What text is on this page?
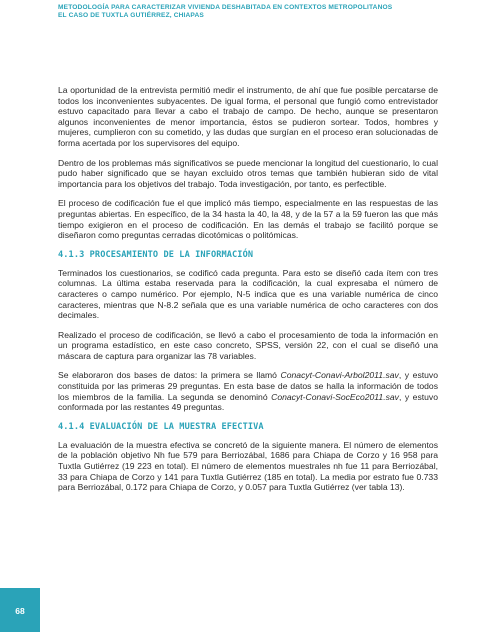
METODOLOGÍA PARA CARACTERIZAR VIVIENDA DESHABITADA EN CONTEXTOS METROPOLITANOS
EL CASO DE TUXTLA GUTIÉRREZ, CHIAPAS

La oportunidad de la entrevista permitió medir el instrumento, de ahí que fue posible percatarse de todos los inconvenientes subyacentes. De igual forma, el personal que fungió como entrevistador estuvo capacitado para llevar a cabo el trabajo de campo. De hecho, aunque se presentaron algunos inconvenientes de menor importancia, éstos se pudieron sortear. Todos, hombres y mujeres, cumplieron con su cometido, y las dudas que surgían en el proceso eran solucionadas de forma acertada por los supervisores del equipo.

Dentro de los problemas más significativos se puede mencionar la longitud del cuestionario, lo cual pudo haber significado que se hayan excluido otros temas que también hubieran sido de vital importancia para los objetivos del trabajo. Toda investigación, por tanto, es perfectible.

El proceso de codificación fue el que implicó más tiempo, especialmente en las respuestas de las preguntas abiertas. En específico, de la 34 hasta la 40, la 48, y de la 57 a la 59 fueron las que más tiempo exigieron en el proceso de codificación. En las demás el trabajo se facilitó porque se diseñaron como preguntas cerradas dicotómicas o politómicas.

4.1.3 PROCESAMIENTO DE LA INFORMACIÓN

Terminados los cuestionarios, se codificó cada pregunta. Para esto se diseñó cada ítem con tres columnas. La última estaba reservada para la codificación, la cual expresaba el número de caracteres o campo numérico. Por ejemplo, N-5 indica que es una variable numérica de cinco caracteres, mientras que N-8.2 señala que es una variable numérica de ocho caracteres con dos decimales.

Realizado el proceso de codificación, se llevó a cabo el procesamiento de toda la información en un programa estadístico, en este caso concreto, SPSS, versión 22, con el cual se diseñó una máscara de captura para organizar las 78 variables.

Se elaboraron dos bases de datos: la primera se llamó Conacyt-Conavi-Arbol2011.sav, y estuvo constituida por las primeras 29 preguntas. En esta base de datos se halla la información de todos los miembros de la familia. La segunda se denominó Conacyt-Conavi-SocEco2011.sav, y estuvo conformada por las restantes 49 preguntas.

4.1.4 EVALUACIÓN DE LA MUESTRA EFECTIVA

La evaluación de la muestra efectiva se concretó de la siguiente manera. El número de elementos de la población objetivo Nh fue 579 para Berriozábal, 1686 para Chiapa de Corzo y 16 958 para Tuxtla Gutiérrez (19 223 en total). El número de elementos muestrales nh fue 11 para Berriozábal, 33 para Chiapa de Corzo y 141 para Tuxtla Gutiérrez (185 en total). La media por estrato fue 0.733 para Berriozábal, 0.172 para Chiapa de Corzo, y 0.057 para Tuxtla Gutiérrez (ver tabla 13).

68
